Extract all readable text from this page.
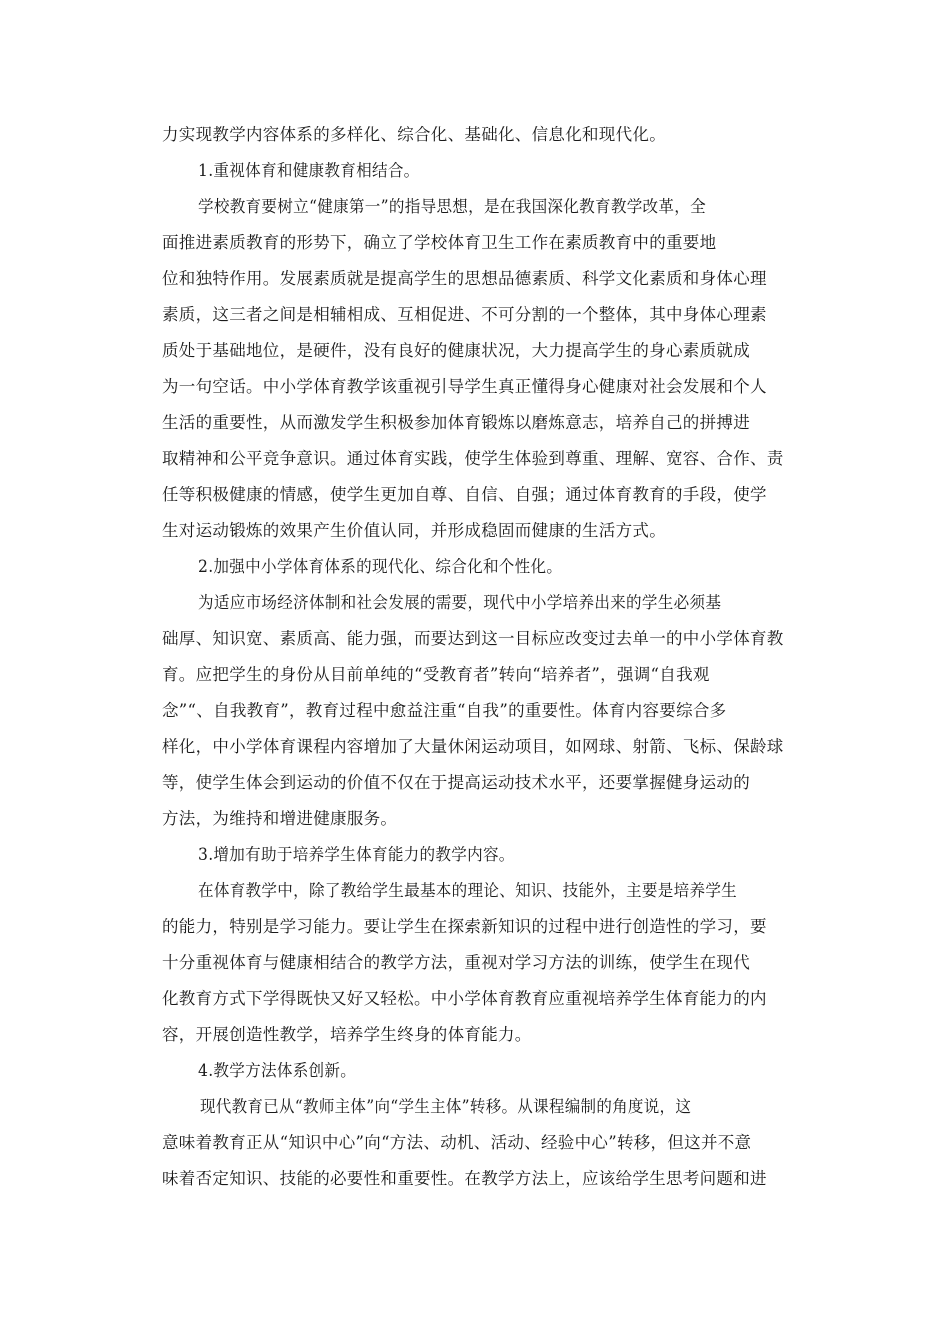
力实现教学内容体系的多样化、综合化、基础化、信息化和现代化。
1.重视体育和健康教育相结合。
学校教育要树立“健康第一”的指导思想，是在我国深化教育教学改革，全
面推进素质教育的形势下，确立了学校体育卫生工作在素质教育中的重要地
位和独特作用。发展素质就是提高学生的思想品德素质、科学文化素质和身体心理
素质，这三者之间是相辅相成、互相促进、不可分割的一个整体，其中身体心理素
质处于基础地位，是硬件，没有良好的健康状况，大力提高学生的身心素质就成
为一句空话。中小学体育教学该重视引导学生真正懂得身心健康对社会发展和个人
生活的重要性，从而激发学生积极参加体育锻炼以磨炼意志，培养自己的拼搏进
取精神和公平竞争意识。通过体育实践，使学生体验到尊重、理解、宽容、合作、责
任等积极健康的情感，使学生更加自尊、自信、自强；通过体育教育的手段，使学
生对运动锻炼的效果产生价值认同，并形成稳固而健康的生活方式。
2.加强中小学体育体系的现代化、综合化和个性化。
为适应市场经济体制和社会发展的需要，现代中小学培养出来的学生必须基
础厚、知识宽、素质高、能力强，而要达到这一目标应改变过去单一的中小学体育教
育。应把学生的身份从目前单纯的“受教育者”转向“培养者”，强调“自我观
念”“、自我教育”，教育过程中愈益注重“自我”的重要性。体育内容要综合多
样化，中小学体育课程内容增加了大量休闲运动项目，如网球、射箭、飞标、保龄球
等，使学生体会到运动的价值不仅在于提高运动技术水平，还要掌握健身运动的
方法，为维持和增进健康服务。
3.增加有助于培养学生体育能力的教学内容。
在体育教学中，除了教给学生最基本的理论、知识、技能外，主要是培养学生
的能力，特别是学习能力。要让学生在探索新知识的过程中进行创造性的学习，要
十分重视体育与健康相结合的教学方法，重视对学习方法的训练，使学生在现代
化教育方式下学得既快又好又轻松。中小学体育教育应重视培养学生体育能力的内
容，开展创造性教学，培养学生终身的体育能力。
4.教学方法体系创新。
现代教育已从“教师主体”向“学生主体”转移。从课程编制的角度说，这
意味着教育正从“知识中心”向“方法、动机、活动、经验中心”转移，但这并不意
味着否定知识、技能的必要性和重要性。在教学方法上，应该给学生思考问题和进
